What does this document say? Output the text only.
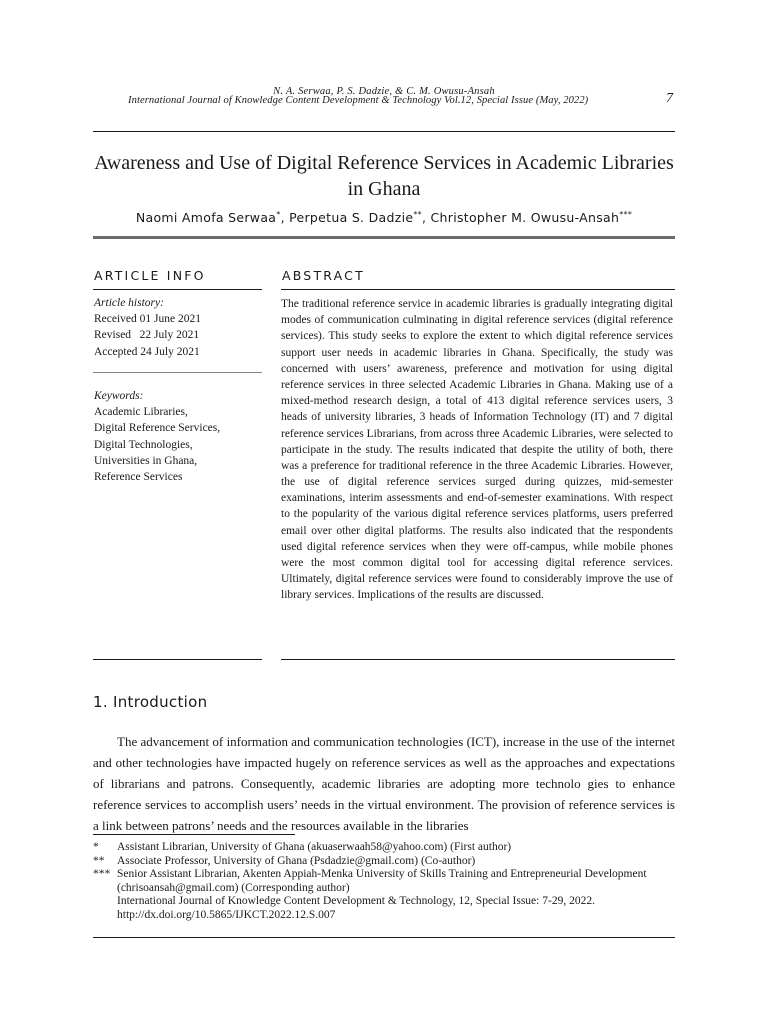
N. A. Serwaa, P. S. Dadzie, & C. M. Owusu-Ansah
International Journal of Knowledge Content Development & Technology Vol.12, Special Issue (May, 2022)	7
Awareness and Use of Digital Reference Services in Academic Libraries in Ghana
Naomi Amofa Serwaa*, Perpetua S. Dadzie**, Christopher M. Owusu-Ansah***
ARTICLE INFO
Article history:
Received 01 June 2021
Revised   22 July 2021
Accepted 24 July 2021
Keywords:
Academic Libraries,
Digital Reference Services,
Digital Technologies,
Universities in Ghana,
Reference Services
ABSTRACT
The traditional reference service in academic libraries is gradually integrating digital modes of communication culminating in digital reference services (digital reference services). This study seeks to explore the extent to which digital reference services support user needs in academic libraries in Ghana. Specifically, the study was concerned with users’ awareness, preference and motivation for using digital reference services in three selected Academic Libraries in Ghana. Making use of a mixed-method research design, a total of 413 digital reference services users, 3 heads of university libraries, 3 heads of Information Technology (IT) and 7 digital reference services Librarians, from across three Academic Libraries, were selected to participate in the study. The results indicated that despite the utility of both, there was a preference for traditional reference in the three Academic Libraries. However, the use of digital reference services surged during quizzes, mid-semester examinations, interim assessments and end-of-semester examinations. With respect to the popularity of the various digital reference services platforms, users preferred email over other digital platforms. The results also indicated that the respondents used digital reference services when they were off-campus, while mobile phones were the most common digital tool for accessing digital reference services. Ultimately, digital reference services were found to considerably improve the use of library services. Implications of the results are discussed.
1. Introduction

The advancement of information and communication technologies (ICT), increase in the use of the internet and other technologies have impacted hugely on reference services as well as the approaches and expectations of librarians and patrons. Consequently, academic libraries are adopting more technolo gies to enhance reference services to accomplish users’ needs in the virtual environment. The provision of reference services is a link between patrons’ needs and the resources available in the libraries

*	Assistant Librarian, University of Ghana (akuaserwaah58@yahoo.com) (First author)
**	Associate Professor, University of Ghana (Psdadzie@gmail.com) (Co-author)
*** Senior Assistant Librarian, Akenten Appiah-Menka University of Skills Training and Entrepreneurial Development (chrisoansah@gmail.com) (Corresponding author)
International Journal of Knowledge Content Development & Technology, 12, Special Issue: 7-29, 2022.
http://dx.doi.org/10.5865/IJKCT.2022.12.S.007
